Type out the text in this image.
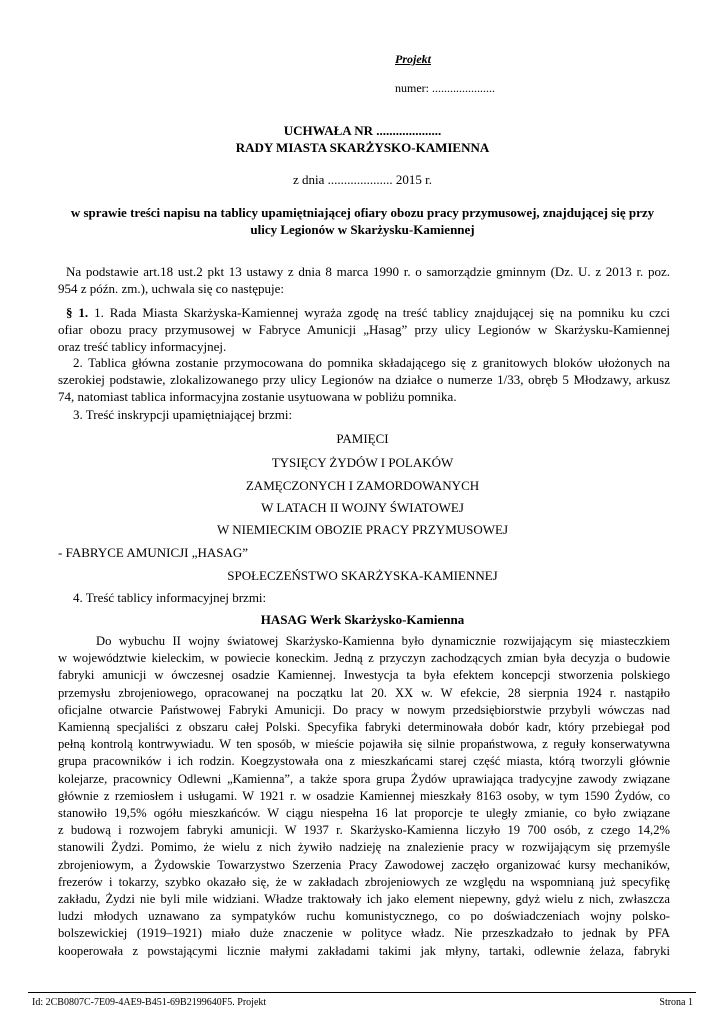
Projekt
numer: .....................
UCHWAŁA NR ....................
RADY MIASTA SKARŻYSKO-KAMIENNA
z dnia .................... 2015 r.
w sprawie treści napisu na tablicy upamiętniającej ofiary obozu pracy przymusowej, znajdującej się przy
ulicy Legionów w Skarżysku-Kamiennej
Na podstawie art.18 ust.2 pkt 13 ustawy z dnia 8 marca 1990 r. o samorządzie gminnym (Dz. U. z 2013 r. poz.
954 z późn. zm.), uchwala się co następuje:
§ 1. 1. Rada Miasta Skarżyska-Kamiennej wyraża zgodę na treść tablicy znajdującej się na pomniku ku czci
ofiar obozu pracy przymusowej w Fabryce Amunicji „Hasag” przy ulicy Legionów w Skarżysku-Kamiennej
oraz treść tablicy informacyjnej.
2. Tablica główna zostanie przymocowana do pomnika składającego się z granitowych bloków ułożonych na
szerokiej podstawie, zlokalizowanego przy ulicy Legionów na działce o numerze 1/33, obręb 5 Młodzawy, arkusz
74, natomiast tablica informacyjna zostanie usytuowana w pobliżu pomnika.
3. Treść inskrypcji upamiętniającej brzmi:
PAMIĘCI
TYSIĘCY ŻYDÓW I POLAKÓW
ZAMĘCZONYCH I ZAMORDOWANYCH
W LATACH II WOJNY ŚWIATOWEJ
W NIEMIECKIM OBOZIE PRACY PRZYMUSOWEJ
- FABRYCE AMUNICJI „HASAG”
SPOŁECZEŃSTWO SKARŻYSKA-KAMIENNEJ
4. Treść tablicy informacyjnej brzmi:
HASAG Werk Skarżysko-Kamienna
Do wybuchu II wojny światowej Skarżysko-Kamienna było dynamicznie rozwijającym się miasteczkiem
w województwie kieleckim, w powiecie koneckim. Jedną z przyczyn zachodzących zmian była decyzja o budowie
fabryki amunicji w ówczesnej osadzie Kamiennej. Inwestycja ta była efektem koncepcji stworzenia polskiego
przemysłu zbrojeniowego, opracowanej na początku lat 20. XX w. W efekcie, 28 sierpnia 1924 r. nastąpiło
oficjalne otwarcie Państwowej Fabryki Amunicji. Do pracy w nowym przedsiębiorstwie przybyli wówczas nad
Kamienną specjaliści z obszaru całej Polski. Specyfika fabryki determinowała dobór kadr, który przebiegał pod
pełną kontrolą kontrwywiadu. W ten sposób, w mieście pojawiła się silnie propaństwowa, z reguły konserwatywna
grupa pracowników i ich rodzin. Koegzystowała ona z mieszkańcami starej część miasta, którą tworzyli głównie
kolejarze, pracownicy Odlewni „Kamienna”, a także spora grupa Żydów uprawiająca tradycyjne zawody związane
głównie z rzemiosłem i usługami. W 1921 r. w osadzie Kamiennej mieszkały 8163 osoby, w tym 1590 Żydów, co
stanowiło 19,5% ogółu mieszkańców. W ciągu niespełna 16 lat proporcje te uległy zmianie, co było związane
z budową i rozwojem fabryki amunicji. W 1937 r. Skarżysko-Kamienna liczyło 19 700 osób, z czego 14,2%
stanowili Żydzi. Pomimo, że wielu z nich żywiło nadzieję na znalezienie pracy w rozwijającym się przemyśle
zbrojeniowym, a Żydowskie Towarzystwo Szerzenia Pracy Zawodowej zaczęło organizować kursy mechaników,
frezerów i tokarzy, szybko okazało się, że w zakładach zbrojeniowych ze względu na wspomnianą już specyfikę
zakładu, Żydzi nie byli mile widziani. Władze traktowały ich jako element niepewny, gdyż wielu z nich, zwłaszcza
ludzi młodych uznawano za sympatyków ruchu komunistycznego, co po doświadczeniach wojny polsko-
bolszewickiej (1919–1921) miało duże znaczenie w polityce władz. Nie przeszkadzało to jednak by PFA
kooperowała z powstającymi licznie małymi zakładami takimi jak młyny, tartaki, odlewnie żelaza, fabryki
Id: 2CB0807C-7E09-4AE9-B451-69B2199640F5. Projekt	Strona 1
